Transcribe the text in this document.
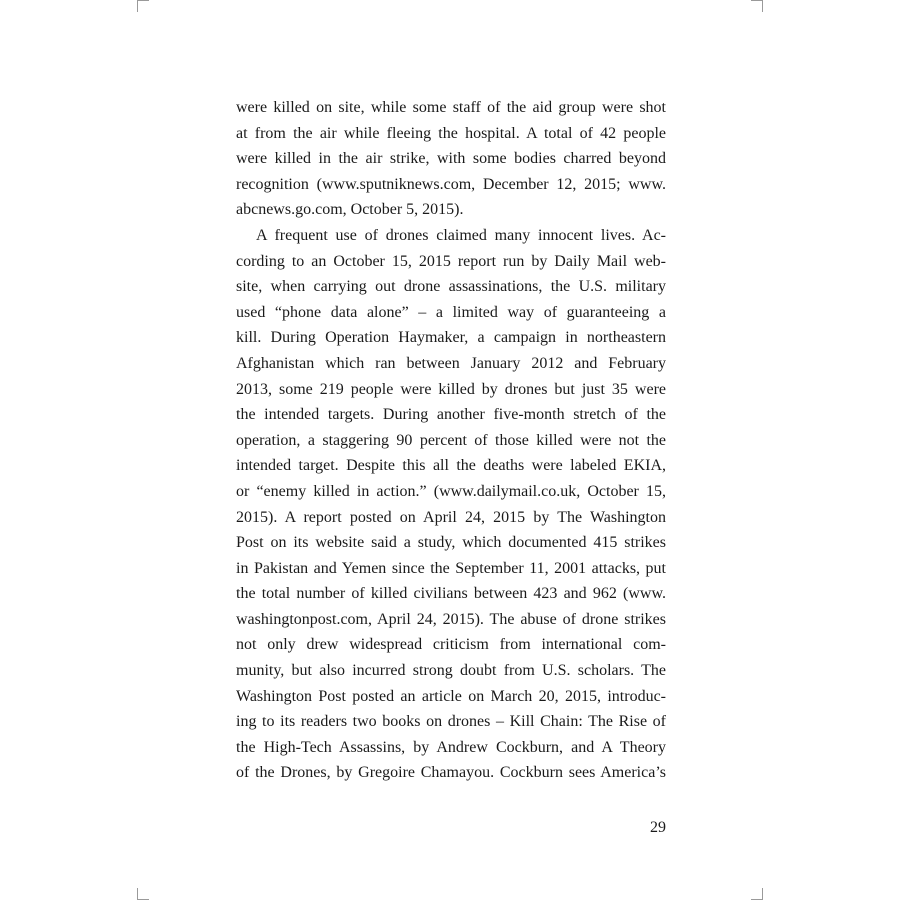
were killed on site, while some staff of the aid group were shot
at from the air while fleeing the hospital. A total of 42 people
were killed in the air strike, with some bodies charred beyond
recognition (www.sputniknews.com, December 12, 2015; www.
abcnews.go.com, October 5, 2015).
A frequent use of drones claimed many innocent lives. Ac-
cording to an October 15, 2015 report run by Daily Mail web-
site, when carrying out drone assassinations, the U.S. military
used “phone data alone” – a limited way of guaranteeing a
kill. During Operation Haymaker, a campaign in northeastern
Afghanistan which ran between January 2012 and February
2013, some 219 people were killed by drones but just 35 were
the intended targets. During another five-month stretch of the
operation, a staggering 90 percent of those killed were not the
intended target. Despite this all the deaths were labeled EKIA,
or “enemy killed in action.” (www.dailymail.co.uk, October 15,
2015). A report posted on April 24, 2015 by The Washington
Post on its website said a study, which documented 415 strikes
in Pakistan and Yemen since the September 11, 2001 attacks, put
the total number of killed civilians between 423 and 962 (www.
washingtonpost.com, April 24, 2015). The abuse of drone strikes
not only drew widespread criticism from international com-
munity, but also incurred strong doubt from U.S. scholars. The
Washington Post posted an article on March 20, 2015, introduc-
ing to its readers two books on drones – Kill Chain: The Rise of
the High-Tech Assassins, by Andrew Cockburn, and A Theory
of the Drones, by Gregoire Chamayou. Cockburn sees America’s
29
